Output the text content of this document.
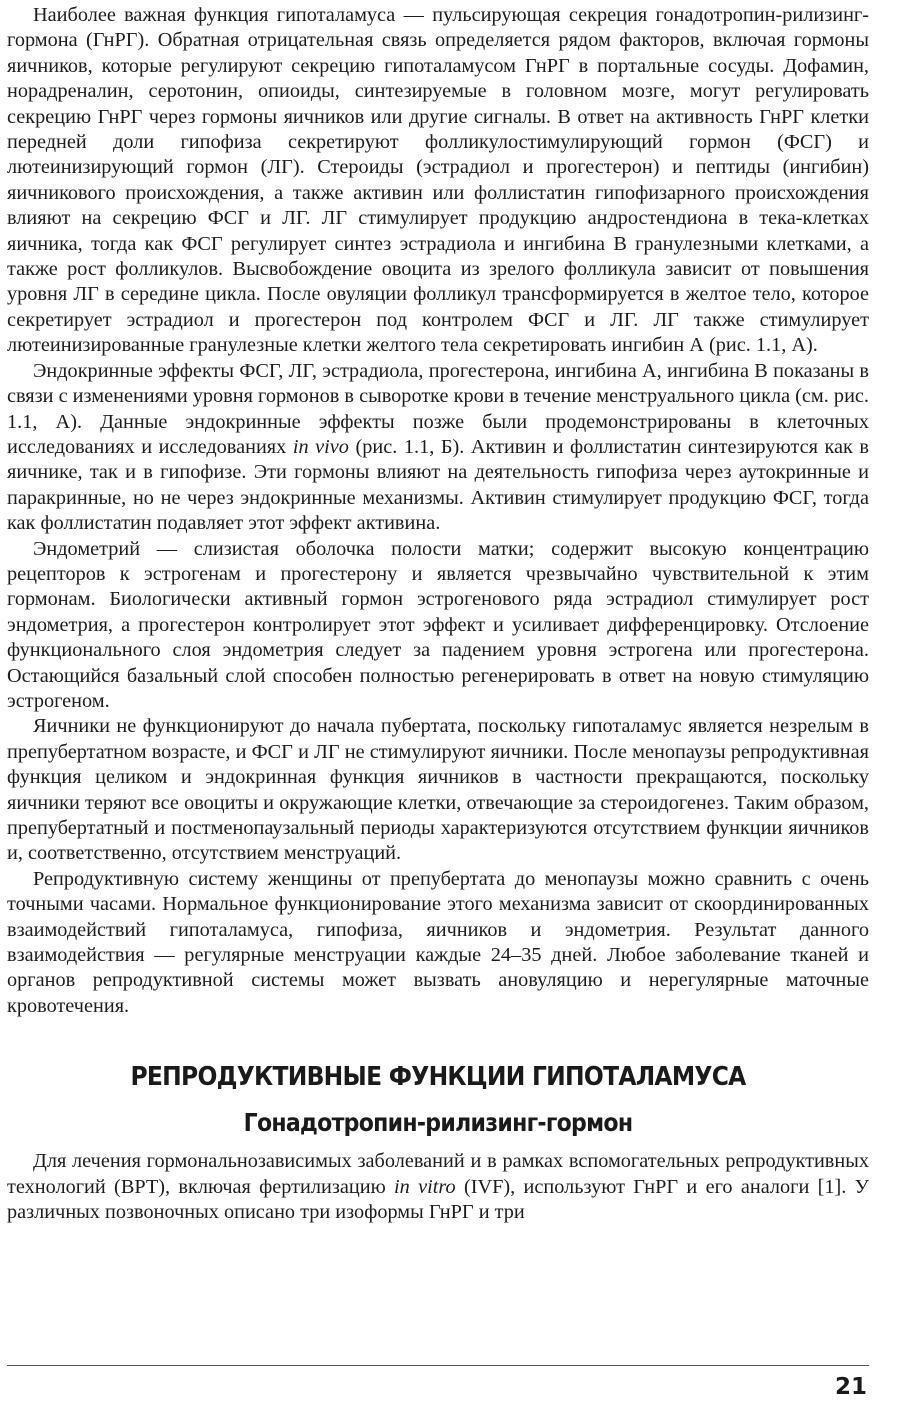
Наиболее важная функция гипоталамуса — пульсирующая секреция гонадотропин-рилизинг-гормона (ГнРГ). Обратная отрицательная связь определяется рядом факторов, включая гормоны яичников, которые регулируют секрецию гипоталамусом ГнРГ в портальные сосуды. Дофамин, норадреналин, серотонин, опиоиды, синтезируемые в головном мозге, могут регулировать секрецию ГнРГ через гормоны яичников или другие сигналы. В ответ на активность ГнРГ клетки передней доли гипофиза секретируют фолликулостимулирующий гормон (ФСГ) и лютеинизирующий гормон (ЛГ). Стероиды (эстрадиол и прогестерон) и пептиды (ингибин) яичникового происхождения, а также активин или фоллистатин гипофизарного происхождения влияют на секрецию ФСГ и ЛГ. ЛГ стимулирует продукцию андростендиона в тека-клетках яичника, тогда как ФСГ регулирует синтез эстрадиола и ингибина В гранулезными клетками, а также рост фолликулов. Высвобождение овоцита из зрелого фолликула зависит от повышения уровня ЛГ в середине цикла. После овуляции фолликул трансформируется в желтое тело, которое секретирует эстрадиол и прогестерон под контролем ФСГ и ЛГ. ЛГ также стимулирует лютеинизированные гранулезные клетки желтого тела секретировать ингибин А (рис. 1.1, А).

Эндокринные эффекты ФСГ, ЛГ, эстрадиола, прогестерона, ингибина А, ингибина В показаны в связи с изменениями уровня гормонов в сыворотке крови в течение менструального цикла (см. рис. 1.1, А). Данные эндокринные эффекты позже были продемонстрированы в клеточных исследованиях и исследованиях in vivo (рис. 1.1, Б). Активин и фоллистатин синтезируются как в яичнике, так и в гипофизе. Эти гормоны влияют на деятельность гипофиза через аутокринные и паракринные, но не через эндокринные механизмы. Активин стимулирует продукцию ФСГ, тогда как фоллистатин подавляет этот эффект активина.

Эндометрий — слизистая оболочка полости матки; содержит высокую концентрацию рецепторов к эстрогенам и прогестерону и является чрезвычайно чувствительной к этим гормонам. Биологически активный гормон эстрогенового ряда эстрадиол стимулирует рост эндометрия, а прогестерон контролирует этот эффект и усиливает дифференцировку. Отслоение функционального слоя эндометрия следует за падением уровня эстрогена или прогестерона. Остающийся базальный слой способен полностью регенерировать в ответ на новую стимуляцию эстрогеном.

Яичники не функционируют до начала пубертата, поскольку гипоталамус является незрелым в препубертатном возрасте, и ФСГ и ЛГ не стимулируют яичники. После менопаузы репродуктивная функция целиком и эндокринная функция яичников в частности прекращаются, поскольку яичники теряют все овоциты и окружающие клетки, отвечающие за стероидогенез. Таким образом, препубертатный и постменопаузальный периоды характеризуются отсутствием функции яичников и, соответственно, отсутствием менструаций.

Репродуктивную систему женщины от препубертата до менопаузы можно сравнить с очень точными часами. Нормальное функционирование этого механизма зависит от скоординированных взаимодействий гипоталамуса, гипофиза, яичников и эндометрия. Результат данного взаимодействия — регулярные менструации каждые 24–35 дней. Любое заболевание тканей и органов репродуктивной системы может вызвать ановуляцию и нерегулярные маточные кровотечения.

РЕПРОДУКТИВНЫЕ ФУНКЦИИ ГИПОТАЛАМУСА
Гонадотропин-рилизинг-гормон

Для лечения гормональнозависимых заболеваний и в рамках вспомогательных репродуктивных технологий (ВРТ), включая фертилизацию in vitro (IVF), используют ГнРГ и его аналоги [1]. У различных позвоночных описано три изоформы ГнРГ и три

21
